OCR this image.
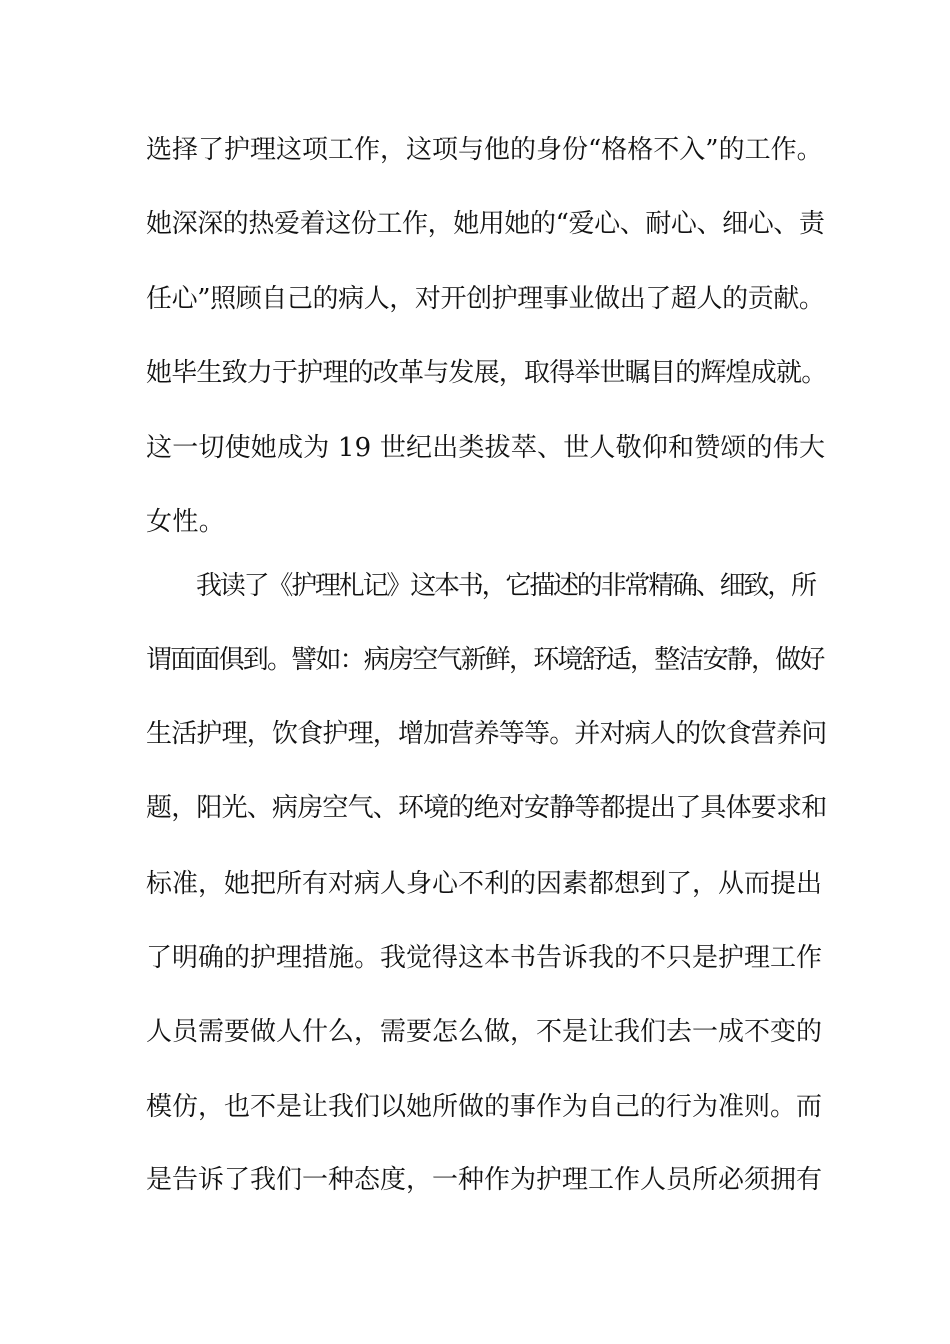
选择了护理这项工作，这项与他的身份“格格不入”的工作。
她深深的热爱着这份工作，她用她的“爱心、耐心、细心、责
任心”照顾自己的病人，对开创护理事业做出了超人的贡献。
她毕生致力于护理的改革与发展，取得举世瞩目的辉煌成就。
这一切使她成为 19 世纪出类拔萃、世人敬仰和赞颂的伟大
女性。
我读了《护理札记》这本书，它描述的非常精确、细致，所
谓面面俱到。譬如：病房空气新鲜，环境舒适，整洁安静，做好
生活护理，饮食护理，增加营养等等。并对病人的饮食营养问
题，阳光、病房空气、环境的绝对安静等都提出了具体要求和
标准，她把所有对病人身心不利的因素都想到了，从而提出
了明确的护理措施。我觉得这本书告诉我的不只是护理工作
人员需要做人什么，需要怎么做，不是让我们去一成不变的
模仿，也不是让我们以她所做的事作为自己的行为准则。而
是告诉了我们一种态度，一种作为护理工作人员所必须拥有
